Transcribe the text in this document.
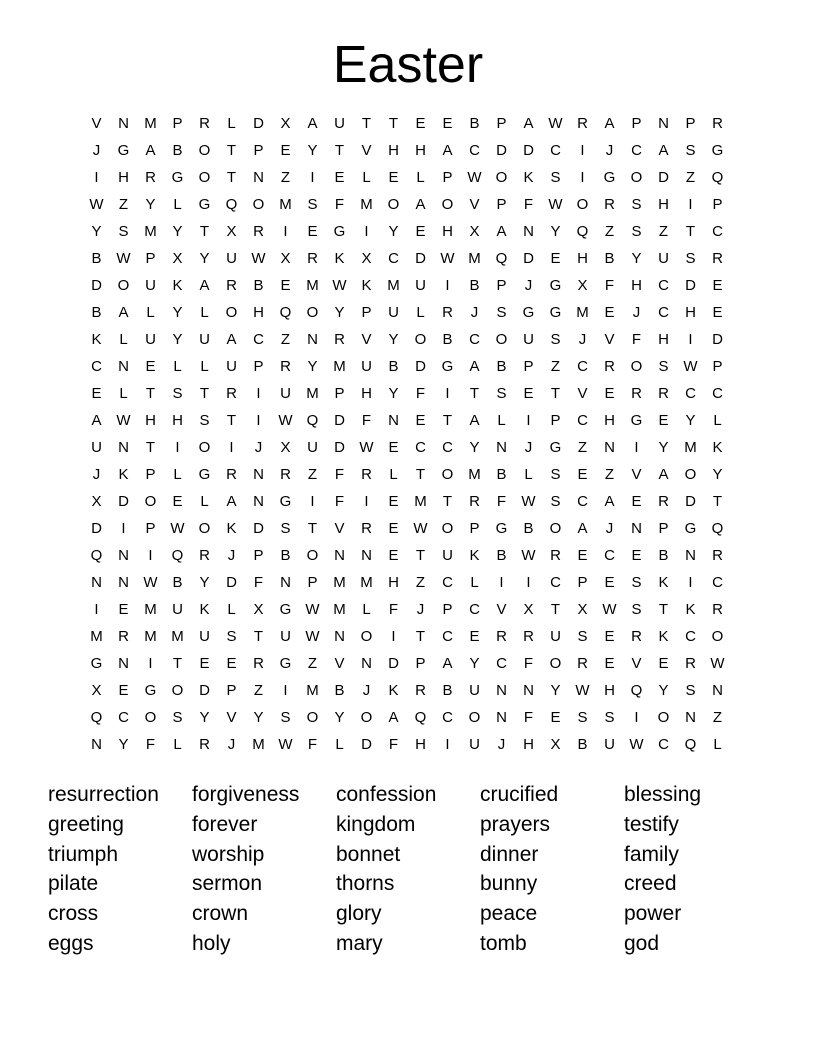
Easter
V	N	M	P	R	L	D	X	A	U	T	T	E	E	B	P	A W R	A	P	N	P	R
J	G	A	B	O	T	P	E	Y	T	V	H	H	A	C	D	D	C	I	J	C	A	S	G
I	H	R	G	O	T	N	Z	I	E	L	E	L	P W O	K	S	I	G	O	D	Z	Q
W	Z	Y	L	G	Q	O M	S	F	M O	A	O	V	P	F	W O	R	S	H	I	P
Y	S	M	Y	T	X	R	I	E	G	I	Y	E	H	X	A	N	Y	Q	Z	S	Z	T	C
B W P	X	Y	U W X	R	K	X	C	D W M Q	D	E	H	B	Y	U	S	R
D	O	U	K	A	R	B	E	M W K	M	U	I	B	P	J	G	X	F	H	C	D	E
B	A	L	Y	L	O	H	Q	O	Y	P	U	L	R	J	S	G	G M	E	J	C	H	E
K	L	U	Y	U	A	C	Z	N	R	V	Y	O	B	C	O	U	S	J	V	F	H	I	D
C	N	E	L	L	U	P	R	Y	M	U	B	D	G	A	B	P	Z	C	R	O	S W P
E	L	T	S	T	R	I	U	M	P	H	Y	F	I	T	S	E	T	V	E	R	R	C	C
A W H	H	S	T	I	W Q	D	F	N	E	T	A	L	I	P	C	H	G	E	Y	L
U	N	T	I	O	I	J	X	U	D W E	C	C	Y	N	J	G	Z	N	I	Y	M	K
J	K	P	L	G	R	N	R	Z	F	R	L	T	O M	B	L	S	E	Z	V	A	O	Y
X	D	O	E	L	A	N	G	I	F	I	E	M	T	R	F	W S	C	A	E	R	D	T
D	I	P W O	K	D	S	T	V	R	E W O	P	G	B	O	A	J	N	P	G	Q
Q	N	I	Q	R	J	P	B	O	N	N	E	T	U	K	B W R	E	C	E	B	N	R
N	N W B	Y	D	F	N	P	M M	H	Z	C	L	I	I	C	P	E	S	K	I	C
I	E	M	U	K	L	X	G W M	L	F	J	P	C	V	X	T	X W S	T	K	R
M	R	M M	U	S	T	U W N	O	I	T	C	E	R	R	U	S	E	R	K	C	O
G	N	I	T	E	E	R	G	Z	V	N	D	P	A	Y	C	F	O	R	E	V	E	R W
X	E	G	O	D	P	Z	I	M	B	J	K	R	B	U	N	N	Y W H	Q	Y	S	N
Q	C	O	S	Y	V	Y	S	O	Y	O	A	Q	C	O	N	F	E	S	S	I	O	N	Z
N	Y	F	L	R	J	M W	F	L	D	F	H	I	U	J	H	X	B	U W C	Q	L
resurrection	forgiveness	confession	crucified	blessing
greeting	forever	kingdom	prayers	testify
triumph	worship	bonnet	dinner	family
pilate	sermon	thorns	bunny	creed
cross	crown	glory	peace	power
eggs	holy	mary	tomb	god
